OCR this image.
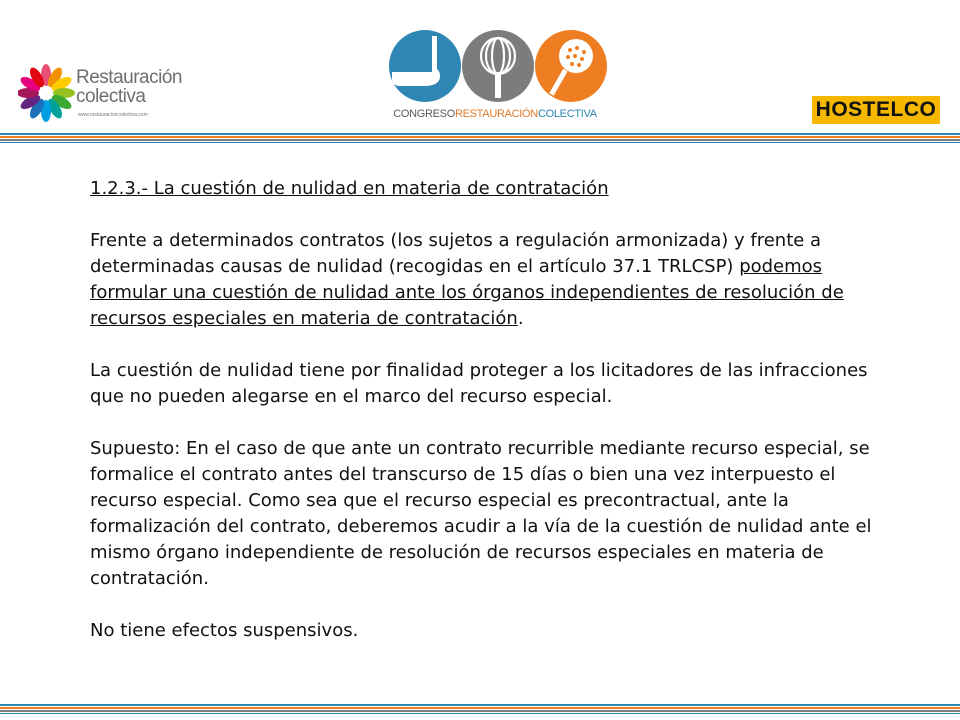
Restauración
colectiva
www.restauracioncolectiva.com	CONGRESORESTAURACIÓNCOLECTIVA	HOSTELCO

1.2.3.- La cuestión de nulidad en materia de contratación

Frente a determinados contratos (los sujetos a regulación armonizada) y frente a determinadas causas de nulidad (recogidas en el artículo 37.1 TRLCSP) podemos formular una cuestión de nulidad ante los órganos independientes de resolución de recursos especiales en materia de contratación.

La cuestión de nulidad tiene por finalidad proteger a los licitadores de las infracciones que no pueden alegarse en el marco del recurso especial.

Supuesto: En el caso de que ante un contrato recurrible mediante recurso especial, se formalice el contrato antes del transcurso de 15 días o bien una vez interpuesto el recurso especial. Como sea que el recurso especial es precontractual, ante la formalización del contrato, deberemos acudir a la vía de la cuestión de nulidad ante el mismo órgano independiente de resolución de recursos especiales en materia de contratación.

No tiene efectos suspensivos.
